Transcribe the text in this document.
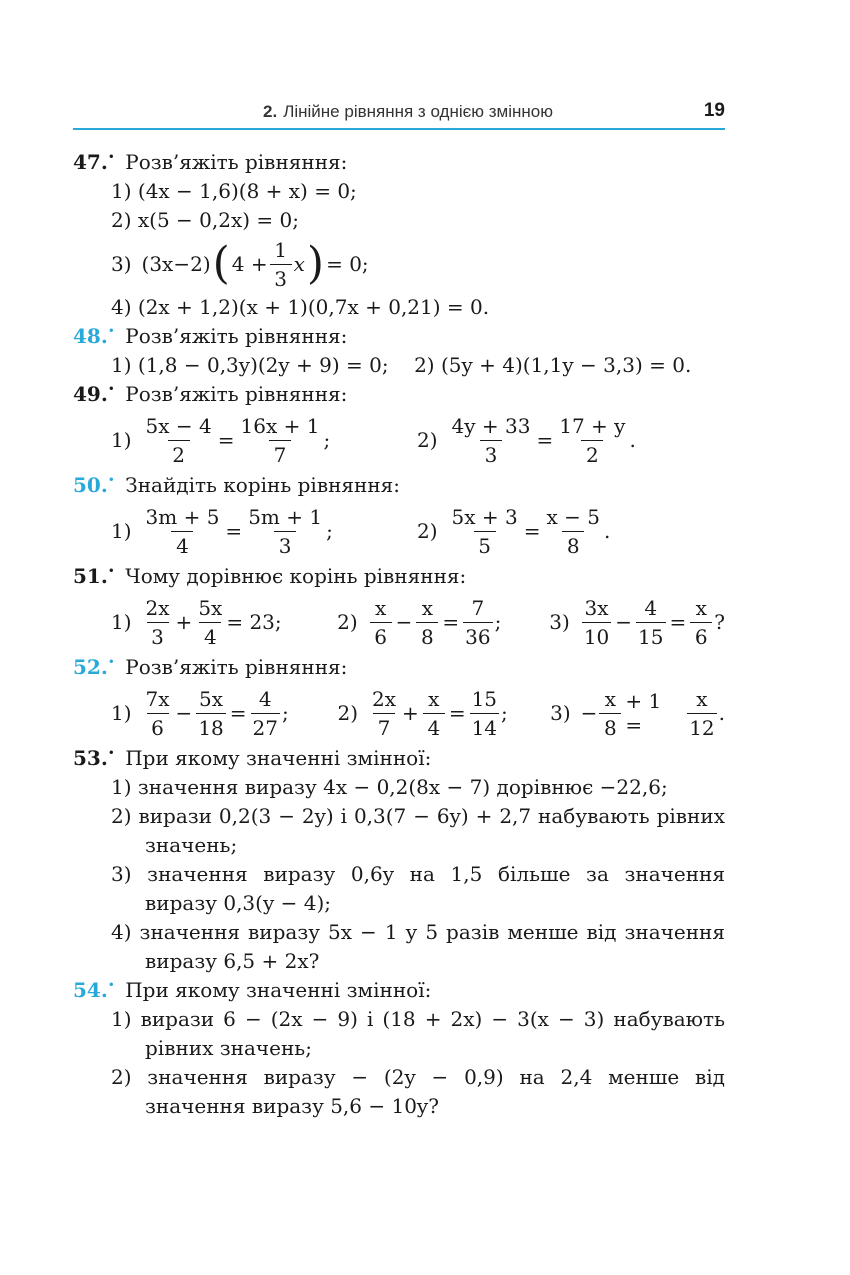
2. Лінійне рівняння з однією змінною	19
47.• Розв’яжіть рівняння:
1) (4x − 1,6)(8 + x) = 0;
2) x(5 − 0,2x) = 0;
3) (3x−2) ( $4 + \frac{1}{3}$ x ) = 0;
4) (2x + 1,2)(x + 1)(0,7x + 0,21) = 0.
48.• Розв’яжіть рівняння:
1) (1,8 − 0,3y)(2y + 9) = 0;    2) (5y + 4)(1,1y − 3,3) = 0.
49.• Розв’яжіть рівняння:
$1) \frac{5x - 4}{2} = \frac{16x + 1}{7}$ ;	$2) \frac{4y + 33}{3} = \frac{17 + y}{2}$ .
50.• Знайдіть корінь рівняння:
$1) \frac{3m + 5}{4} = \frac{5m + 1}{3}$ ;	$2) \frac{5x + 3}{5} = \frac{x - 5}{8}$ .
51.• Чому дорівнює корінь рівняння:
$1) \frac{2x}{3} + \frac{5x}{4} = 23$;	$2) \frac{x}{6} - \frac{x}{8} = \frac{7}{36}$ ; $3) \frac{3x}{10} - \frac{4}{15} = \frac{x}{6}$ ?
52.• Розв’яжіть рівняння:
$1) \frac{7x}{6} - \frac{5x}{18} = \frac{4}{27}$ ; $2) \frac{2x}{7} + \frac{x}{4} = \frac{15}{14}$ ; $3) - \frac{x}{8} + 1$ =	$\frac{x}{12}$ .
53.• При якому значенні змінної:
1) значення виразу 4x − 0,2(8x − 7) дорівнює −22,6;
2) вирази 0,2(3 − 2y) і 0,3(7 − 6y) + 2,7 набувають рівних значень;
3) значення виразу 0,6y на 1,5 більше за значення виразу 0,3(y − 4);
4) значення виразу 5x − 1 у 5 разів менше від значення виразу 6,5 + 2x?
54.• При якому значенні змінної:
1) вирази 6 − (2x − 9) і (18 + 2x) − 3(x − 3) набувають рівних значень;
2) значення виразу − (2y − 0,9) на 2,4 менше від значення виразу 5,6 − 10y?
